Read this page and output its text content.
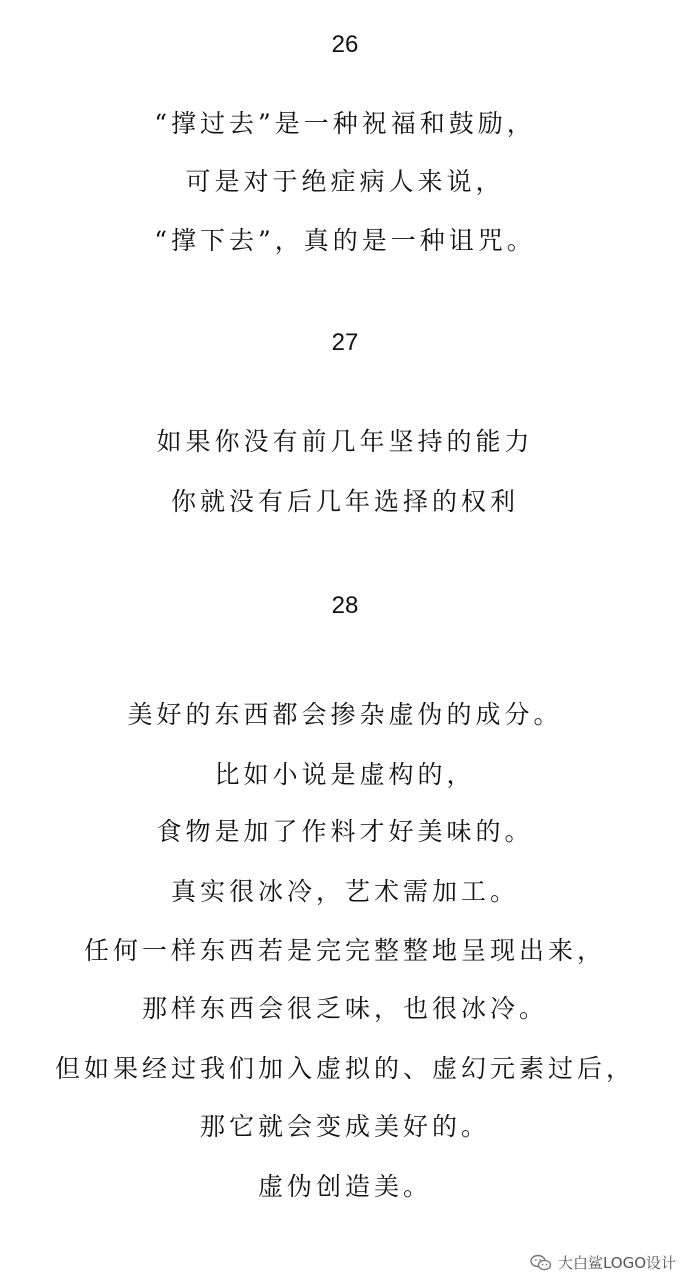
26
“撑过去”是一种祝福和鼓励，
可是对于绝症病人来说，
“撑下去”，真的是一种诅咒。
27
如果你没有前几年坚持的能力
你就没有后几年选择的权利
28
美好的东西都会掺杂虚伪的成分。
比如小说是虚构的，
食物是加了作料才好美味的。
真实很冰冷，艺术需加工。
任何一样东西若是完完整整地呈现出来，
那样东西会很乏味，也很冰冷。
但如果经过我们加入虚拟的、虚幻元素过后，
那它就会变成美好的。
虚伪创造美。
大白鲨LOGO设计
